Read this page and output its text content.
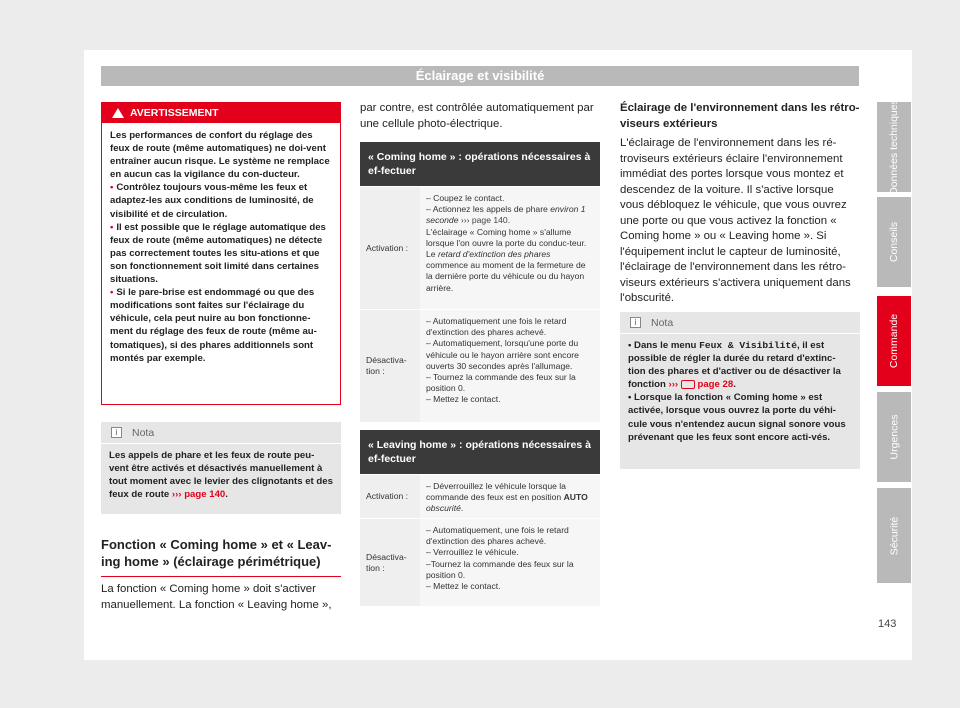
Éclairage et visibilité
AVERTISSEMENT

Les performances de confort du réglage des feux de route (même automatiques) ne doi-vent entraîner aucun risque. Le système ne remplace en aucun cas la vigilance du con-ducteur.

• Contrôlez toujours vous-même les feux et adaptez-les aux conditions de luminosité, de visibilité et de circulation.

• Il est possible que le réglage automatique des feux de route (même automatiques) ne détecte pas correctement toutes les situ-ations et que son fonctionnement soit limité dans certaines situations.

• Si le pare-brise est endommagé ou que des modifications sont faites sur l'éclairage du véhicule, cela peut nuire au bon fonctionne-ment du réglage des feux de route (même au-tomatiques), si des phares additionnels sont montés par exemple.

i	Nota
Les appels de phare et les feux de route peu-vent être activés et désactivés manuellement à tout moment avec le levier des clignotants et des feux de route ››› page 140.
Fonction « Coming home » et « Leav-ing home » (éclairage périmétrique)
La fonction « Coming home » doit s'activer manuellement. La fonction « Leaving home »,
par contre, est contrôlée automatiquement par une cellule photo-électrique.
« Coming home » : opérations nécessaires à ef-fectuer
Activation :
– Coupez le contact.
– Actionnez les appels de phare environ 1 seconde ››› page 140.
L'éclairage « Coming home » s'allume lorsque l'on ouvre la porte du conduc-teur. Le retard d'extinction des phares commence au moment de la fermeture de la dernière porte du véhicule ou du hayon arrière.
Désactiva-tion :
– Automatiquement une fois le retard d'extinction des phares achevé.
– Automatiquement, lorsqu'une porte du véhicule ou le hayon arrière sont encore ouverts 30 secondes après l'allumage.
– Tournez la commande des feux sur la position 0.
– Mettez le contact.
« Leaving home » : opérations nécessaires à ef-fectuer
Activation :
– Déverrouillez le véhicule lorsque la commande des feux est en position AUTO obscurité.
Désactiva-tion :
– Automatiquement, une fois le retard d'extinction des phares achevé.
– Verrouillez le véhicule.
–Tournez la commande des feux sur la position 0.
– Mettez le contact.
Éclairage de l'environnement dans les rétro-viseurs extérieurs
L'éclairage de l'environnement dans les ré-troviseurs extérieurs éclaire l'environnement immédiat des portes lorsque vous montez et descendez de la voiture. Il s'active lorsque vous débloquez le véhicule, que vous ouvrez une porte ou que vous activez la fonction « Coming home » ou « Leaving home ». Si l'équipement inclut le capteur de luminosité, l'éclairage de l'environnement dans les rétro-viseurs extérieurs s'activera uniquement dans l'obscurité.
i	Nota

• Dans le menu Feux & Visibilité, il est possible de régler la durée du retard d'extinc-tion des phares et d'activer ou de désactiver la fonction ››› page 28.

• Lorsque la fonction « Coming home » est activée, lorsque vous ouvrez la porte du véhi-cule vous n'entendez aucun signal sonore vous prévenant que les feux sont encore acti-vés.

Données techniques
Conseils
Commande
Urgences
Sécurité
143
